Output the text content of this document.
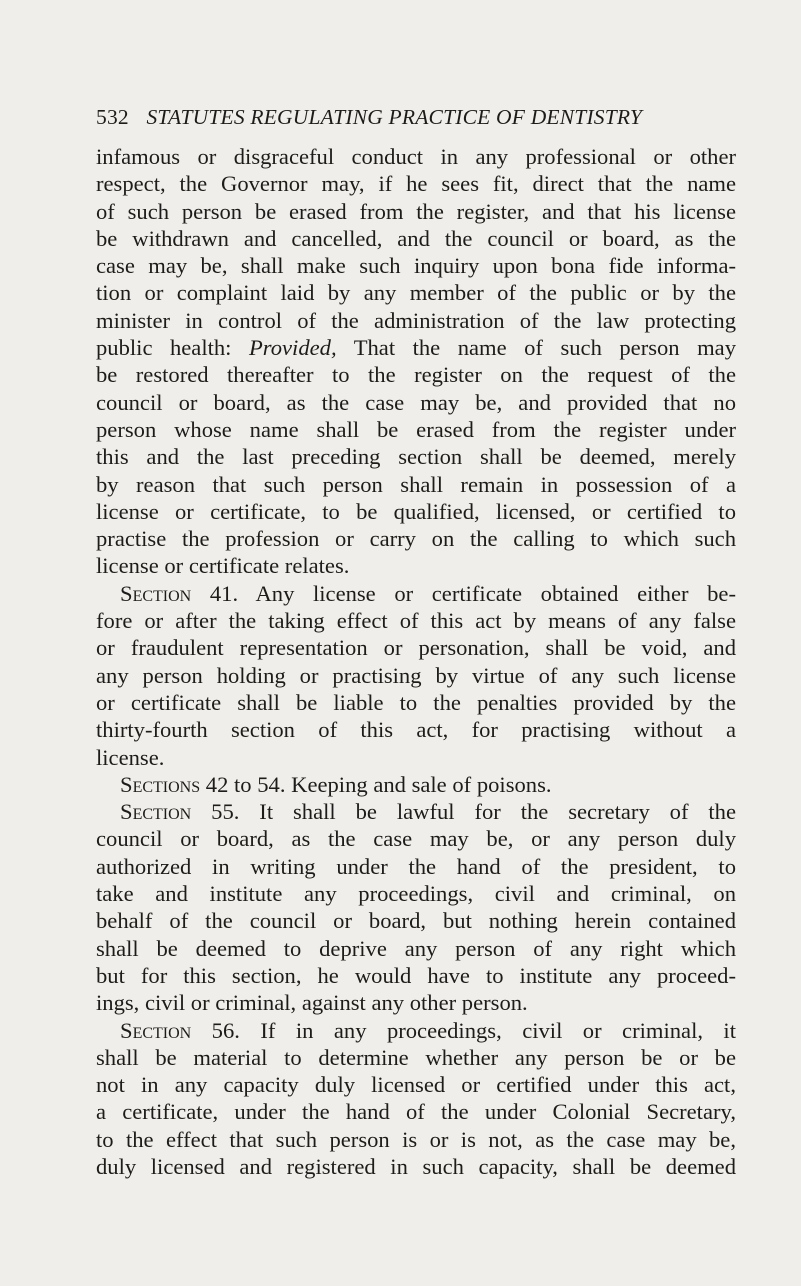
532 STATUTES REGULATING PRACTICE OF DENTISTRY
infamous or disgraceful conduct in any professional or other
respect, the Governor may, if he sees fit, direct that the name
of such person be erased from the register, and that his license
be withdrawn and cancelled, and the council or board, as the
case may be, shall make such inquiry upon bona fide informa-
tion or complaint laid by any member of the public or by the
minister in control of the administration of the law protecting
public health: Provided, That the name of such person may
be restored thereafter to the register on the request of the
council or board, as the case may be, and provided that no
person whose name shall be erased from the register under
this and the last preceding section shall be deemed, merely
by reason that such person shall remain in possession of a
license or certificate, to be qualified, licensed, or certified to
practise the profession or carry on the calling to which such
license or certificate relates.
Section 41. Any license or certificate obtained either be-
fore or after the taking effect of this act by means of any false
or fraudulent representation or personation, shall be void, and
any person holding or practising by virtue of any such license
or certificate shall be liable to the penalties provided by the
thirty-fourth section of this act, for practising without a
license.
Sections 42 to 54. Keeping and sale of poisons.
Section 55. It shall be lawful for the secretary of the
council or board, as the case may be, or any person duly
authorized in writing under the hand of the president, to
take and institute any proceedings, civil and criminal, on
behalf of the council or board, but nothing herein contained
shall be deemed to deprive any person of any right which
but for this section, he would have to institute any proceed-
ings, civil or criminal, against any other person.
Section 56. If in any proceedings, civil or criminal, it
shall be material to determine whether any person be or be
not in any capacity duly licensed or certified under this act,
a certificate, under the hand of the under Colonial Secretary,
to the effect that such person is or is not, as the case may be,
duly licensed and registered in such capacity, shall be deemed
